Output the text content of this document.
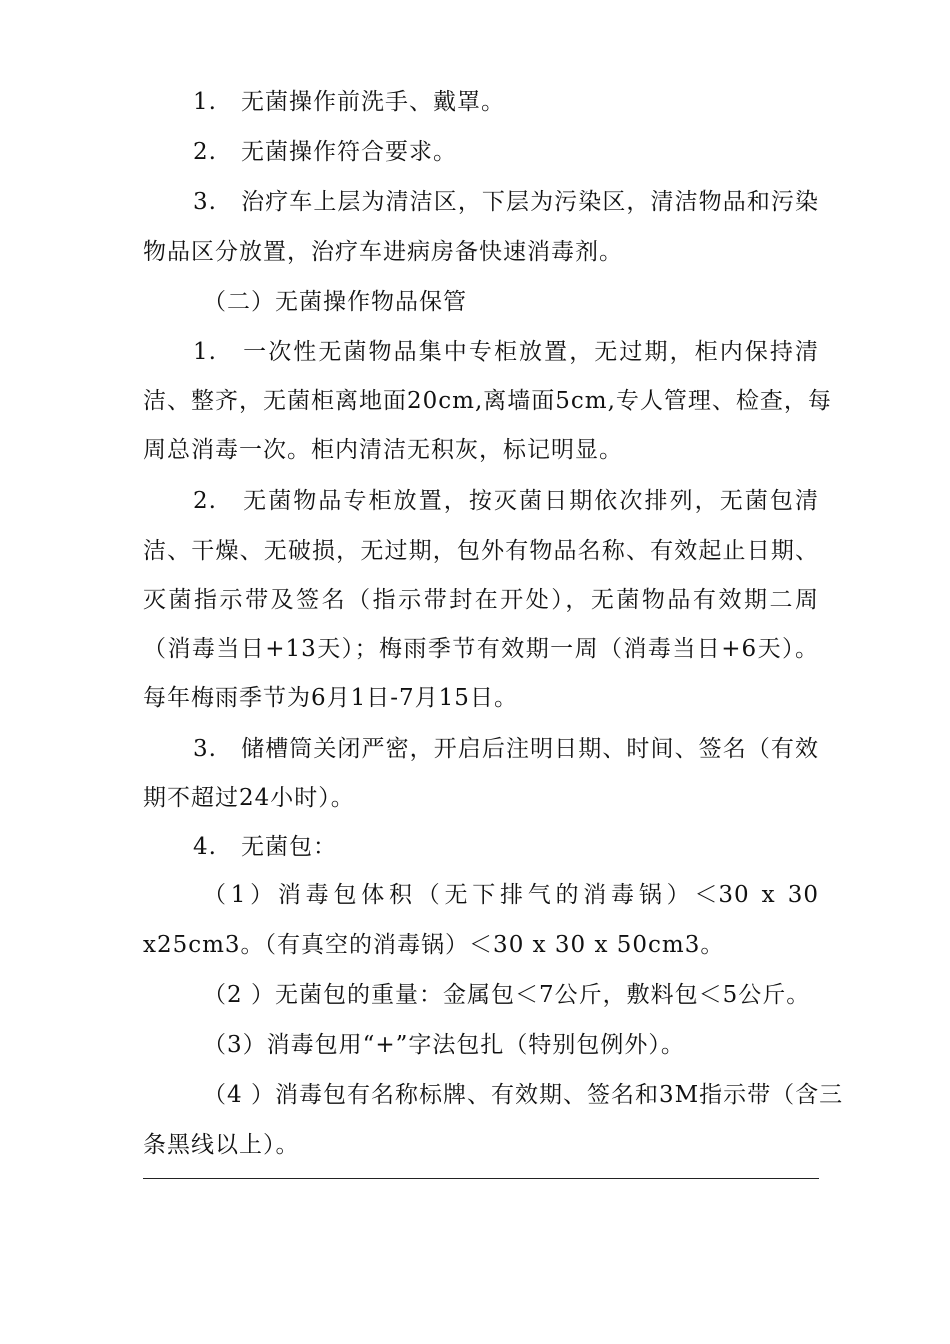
1.　无菌操作前洗手、戴罩。
2.　无菌操作符合要求。
3.　治疗车上层为清洁区，下层为污染区，清洁物品和污染
物品区分放置，治疗车进病房备快速消毒剂。
（二）无菌操作物品保管
1.　一次性无菌物品集中专柜放置，无过期，柜内保持清
洁、整齐，无菌柜离地面20cm,离墙面5cm,专人管理、检查，每
周总消毒一次。柜内清洁无积灰，标记明显。
2.　无菌物品专柜放置，按灭菌日期依次排列，无菌包清
洁、干燥、无破损，无过期，包外有物品名称、有效起止日期、
灭菌指示带及签名（指示带封在开处），无菌物品有效期二周
（消毒当日+13天）；梅雨季节有效期一周（消毒当日+6天）。
每年梅雨季节为6月1日-7月15日。
3.　储槽筒关闭严密，开启后注明日期、时间、签名（有效
期不超过24小时）。
4.　无菌包：
（1）消毒包体积（无下排气的消毒锅）＜30 x 30
x25cm3。（有真空的消毒锅）＜30 x 30 x 50cm3。
（2 ）无菌包的重量：金属包＜7公斤，敷料包＜5公斤。
（3）消毒包用“+”字法包扎（特别包例外）。
（4 ）消毒包有名称标牌、有效期、签名和3M指示带（含三
条黑线以上）。
